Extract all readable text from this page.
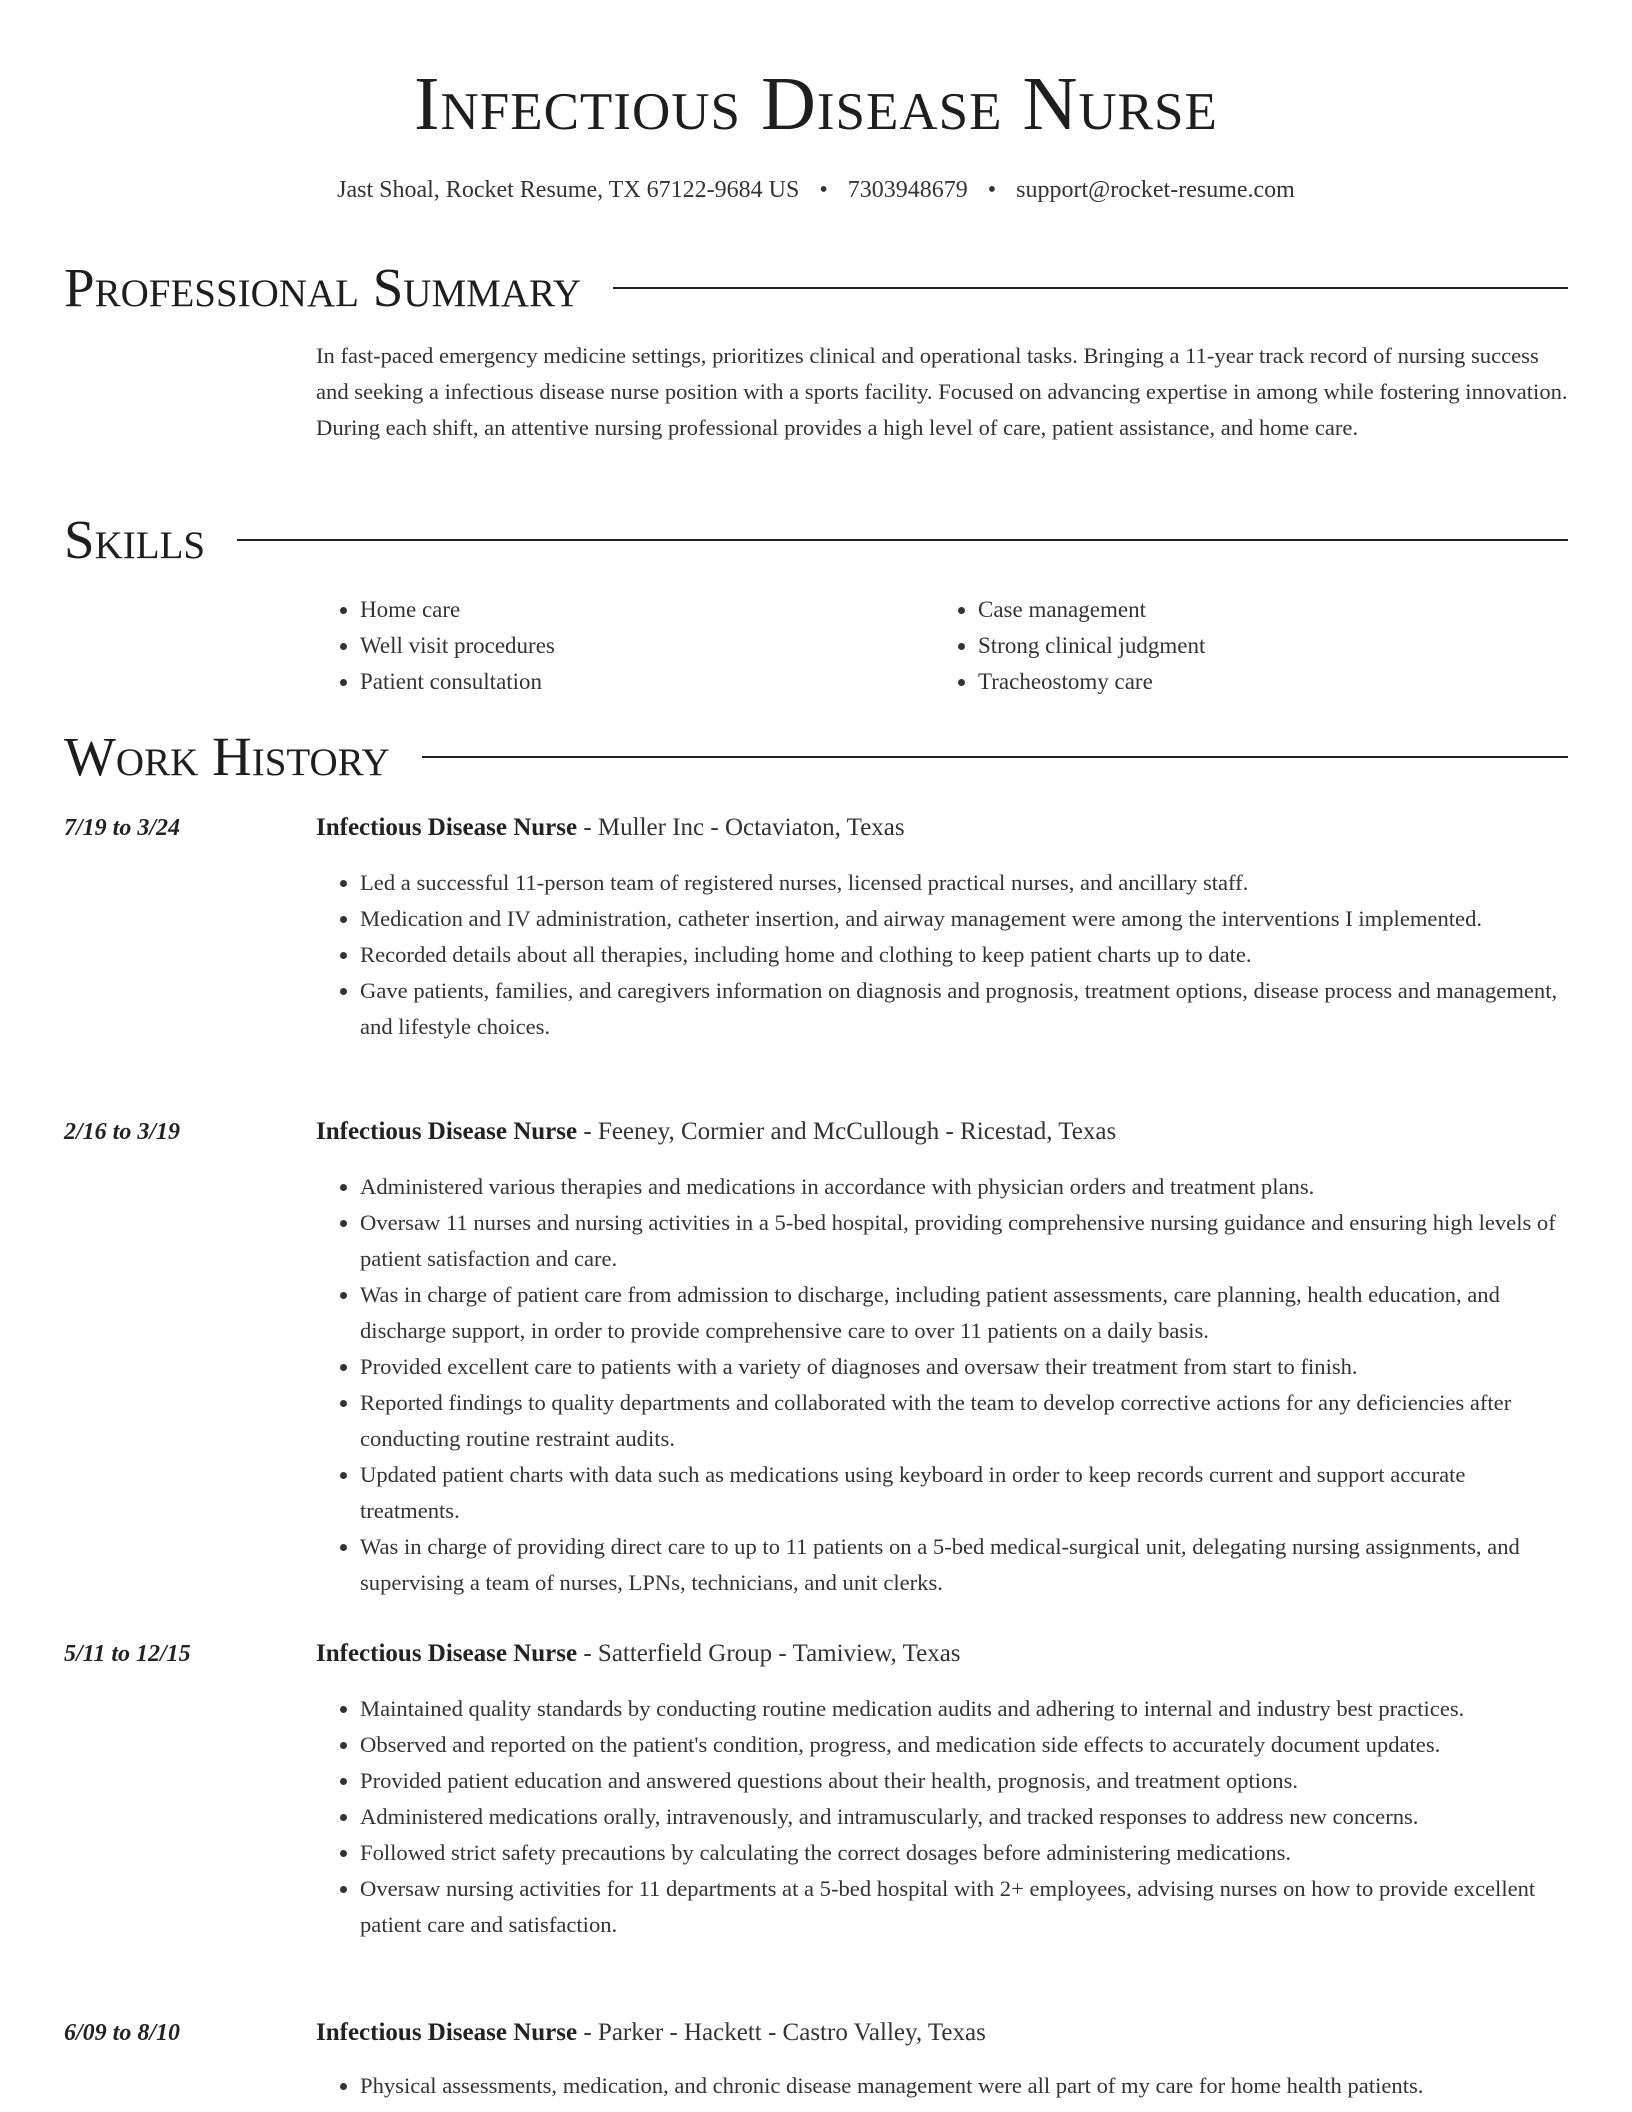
Infectious Disease Nurse
Jast Shoal, Rocket Resume, TX 67122-9684 US • 7303948679 • support@rocket-resume.com
Professional Summary
In fast-paced emergency medicine settings, prioritizes clinical and operational tasks. Bringing a 11-year track record of nursing success and seeking a infectious disease nurse position with a sports facility. Focused on advancing expertise in among while fostering innovation. During each shift, an attentive nursing professional provides a high level of care, patient assistance, and home care.
Skills
• Home care
• Well visit procedures
• Patient consultation
• Case management
• Strong clinical judgment
• Tracheostomy care
Work History
7/19 to 3/24	Infectious Disease Nurse - Muller Inc - Octaviaton, Texas
• Led a successful 11-person team of registered nurses, licensed practical nurses, and ancillary staff.
• Medication and IV administration, catheter insertion, and airway management were among the interventions I implemented.
• Recorded details about all therapies, including home and clothing to keep patient charts up to date.
• Gave patients, families, and caregivers information on diagnosis and prognosis, treatment options, disease process and management, and lifestyle choices.
2/16 to 3/19	Infectious Disease Nurse - Feeney, Cormier and McCullough - Ricestad, Texas
• Administered various therapies and medications in accordance with physician orders and treatment plans.
• Oversaw 11 nurses and nursing activities in a 5-bed hospital, providing comprehensive nursing guidance and ensuring high levels of patient satisfaction and care.
• Was in charge of patient care from admission to discharge, including patient assessments, care planning, health education, and discharge support, in order to provide comprehensive care to over 11 patients on a daily basis.
• Provided excellent care to patients with a variety of diagnoses and oversaw their treatment from start to finish.
• Reported findings to quality departments and collaborated with the team to develop corrective actions for any deficiencies after conducting routine restraint audits.
• Updated patient charts with data such as medications using keyboard in order to keep records current and support accurate treatments.
• Was in charge of providing direct care to up to 11 patients on a 5-bed medical-surgical unit, delegating nursing assignments, and supervising a team of nurses, LPNs, technicians, and unit clerks.
5/11 to 12/15	Infectious Disease Nurse - Satterfield Group - Tamiview, Texas
• Maintained quality standards by conducting routine medication audits and adhering to internal and industry best practices.
• Observed and reported on the patient's condition, progress, and medication side effects to accurately document updates.
• Provided patient education and answered questions about their health, prognosis, and treatment options.
• Administered medications orally, intravenously, and intramuscularly, and tracked responses to address new concerns.
• Followed strict safety precautions by calculating the correct dosages before administering medications.
• Oversaw nursing activities for 11 departments at a 5-bed hospital with 2+ employees, advising nurses on how to provide excellent patient care and satisfaction.
6/09 to 8/10	Infectious Disease Nurse - Parker - Hackett - Castro Valley, Texas
• Physical assessments, medication, and chronic disease management were all part of my care for home health patients.
